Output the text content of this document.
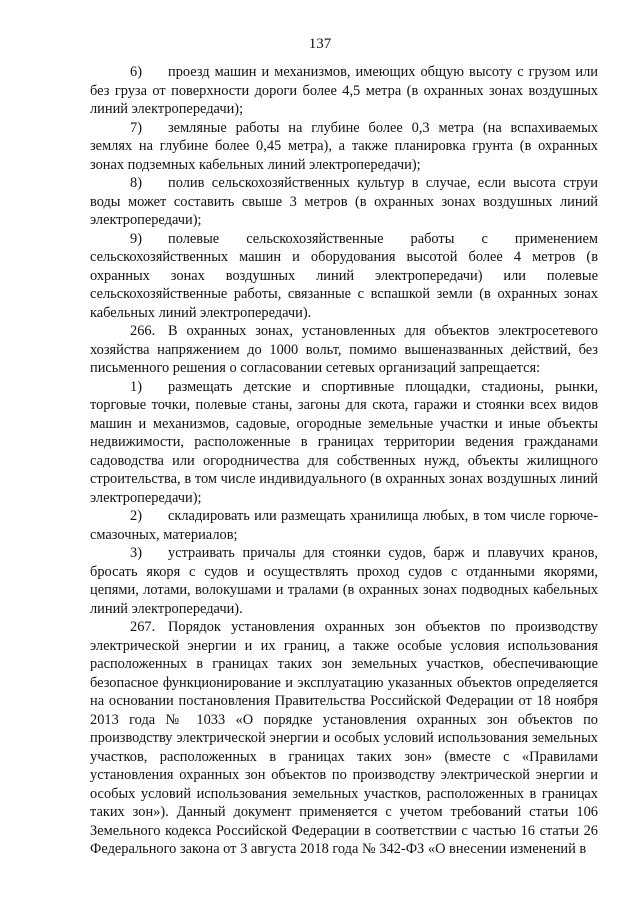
137

6) проезд машин и механизмов, имеющих общую высоту с грузом или без груза от поверхности дороги более 4,5 метра (в охранных зонах воздушных линий электропередачи);

7) земляные работы на глубине более 0,3 метра (на вспахиваемых землях на глубине более 0,45 метра), а также планировка грунта (в охранных зонах подземных кабельных линий электропередачи);

8) полив сельскохозяйственных культур в случае, если высота струи воды может составить свыше 3 метров (в охранных зонах воздушных линий электропередачи);

9) полевые сельскохозяйственные работы с применением сельскохозяйственных машин и оборудования высотой более 4 метров (в охранных зонах воздушных линий электропередачи) или полевые сельскохозяйственные работы, связанные с вспашкой земли (в охранных зонах кабельных линий электропередачи).

266. В охранных зонах, установленных для объектов электросетевого хозяйства напряжением до 1000 вольт, помимо вышеназванных действий, без письменного решения о согласовании сетевых организаций запрещается:

1) размещать детские и спортивные площадки, стадионы, рынки, торговые точки, полевые станы, загоны для скота, гаражи и стоянки всех видов машин и механизмов, садовые, огородные земельные участки и иные объекты недвижимости, расположенные в границах территории ведения гражданами садоводства или огородничества для собственных нужд, объекты жилищного строительства, в том числе индивидуального (в охранных зонах воздушных линий электропередачи);

2) складировать или размещать хранилища любых, в том числе горюче-смазочных, материалов;

3) устраивать причалы для стоянки судов, барж и плавучих кранов, бросать якоря с судов и осуществлять проход судов с отданными якорями, цепями, лотами, волокушами и тралами (в охранных зонах подводных кабельных линий электропередачи).

267. Порядок установления охранных зон объектов по производству электрической энергии и их границ, а также особые условия использования расположенных в границах таких зон земельных участков, обеспечивающие безопасное функционирование и эксплуатацию указанных объектов определяется на основании постановления Правительства Российской Федерации от 18 ноября 2013 года № 1033 «О порядке установления охранных зон объектов по производству электрической энергии и особых условий использования земельных участков, расположенных в границах таких зон» (вместе с «Правилами установления охранных зон объектов по производству электрической энергии и особых условий использования земельных участков, расположенных в границах таких зон»). Данный документ применяется с учетом требований статьи 106 Земельного кодекса Российской Федерации в соответствии с частью 16 статьи 26 Федерального закона от 3 августа 2018 года № 342-ФЗ «О внесении изменений в
